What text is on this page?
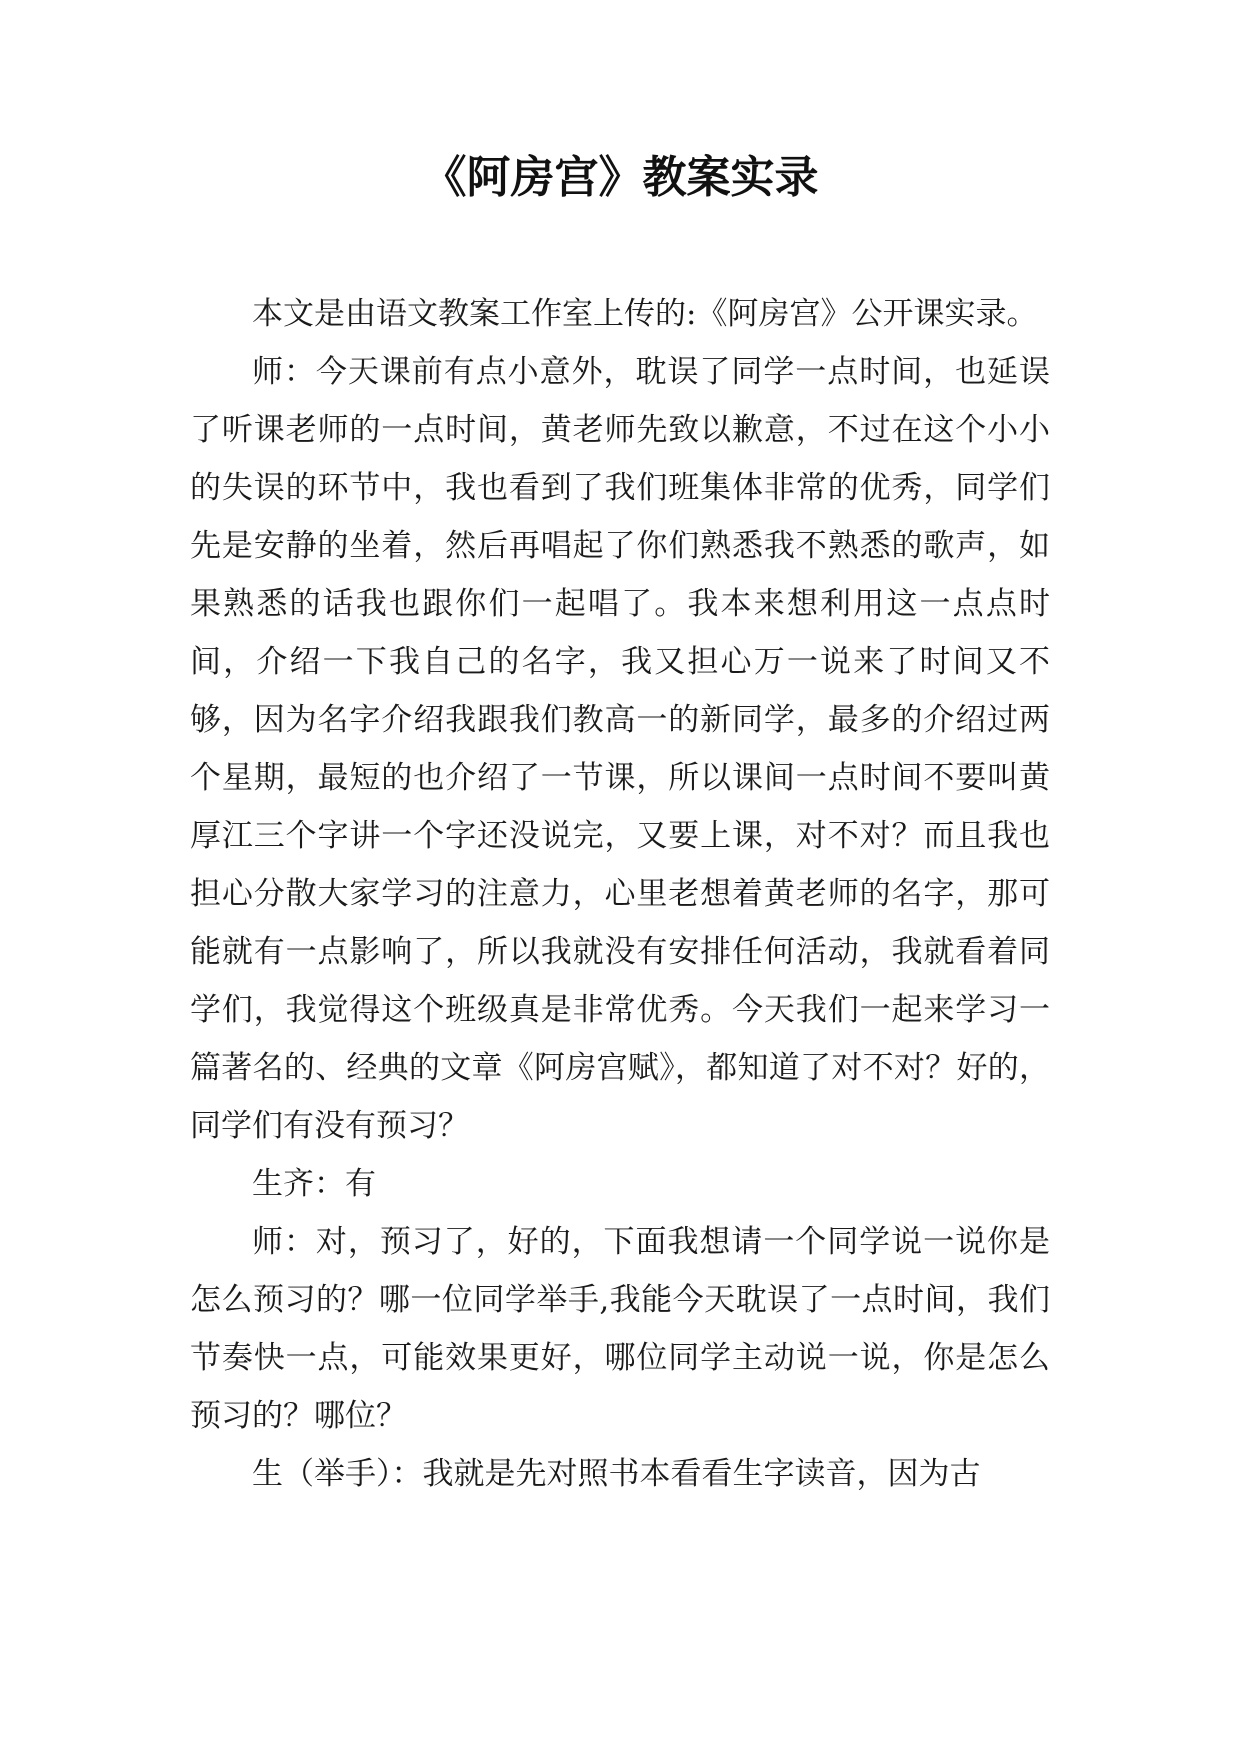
《阿房宫》教案实录

本文是由语文教案工作室上传的:《阿房宫》公开课实录。

师：今天课前有点小意外，耽误了同学一点时间，也延误了听课老师的一点时间，黄老师先致以歉意，不过在这个小小的失误的环节中，我也看到了我们班集体非常的优秀，同学们先是安静的坐着，然后再唱起了你们熟悉我不熟悉的歌声，如果熟悉的话我也跟你们一起唱了。我本来想利用这一点点时间，介绍一下我自己的名字，我又担心万一说来了时间又不够，因为名字介绍我跟我们教高一的新同学，最多的介绍过两个星期，最短的也介绍了一节课，所以课间一点时间不要叫黄厚江三个字讲一个字还没说完，又要上课，对不对？而且我也担心分散大家学习的注意力，心里老想着黄老师的名字，那可能就有一点影响了，所以我就没有安排任何活动，我就看着同学们，我觉得这个班级真是非常优秀。今天我们一起来学习一篇著名的、经典的文章《阿房宫赋》，都知道了对不对？好的，同学们有没有预习？

生齐：有

师：对，预习了，好的，下面我想请一个同学说一说你是怎么预习的？哪一位同学举手,我能今天耽误了一点时间，我们节奏快一点，可能效果更好，哪位同学主动说一说，你是怎么预习的？哪位？

生（举手）：我就是先对照书本看看生字读音，因为古
